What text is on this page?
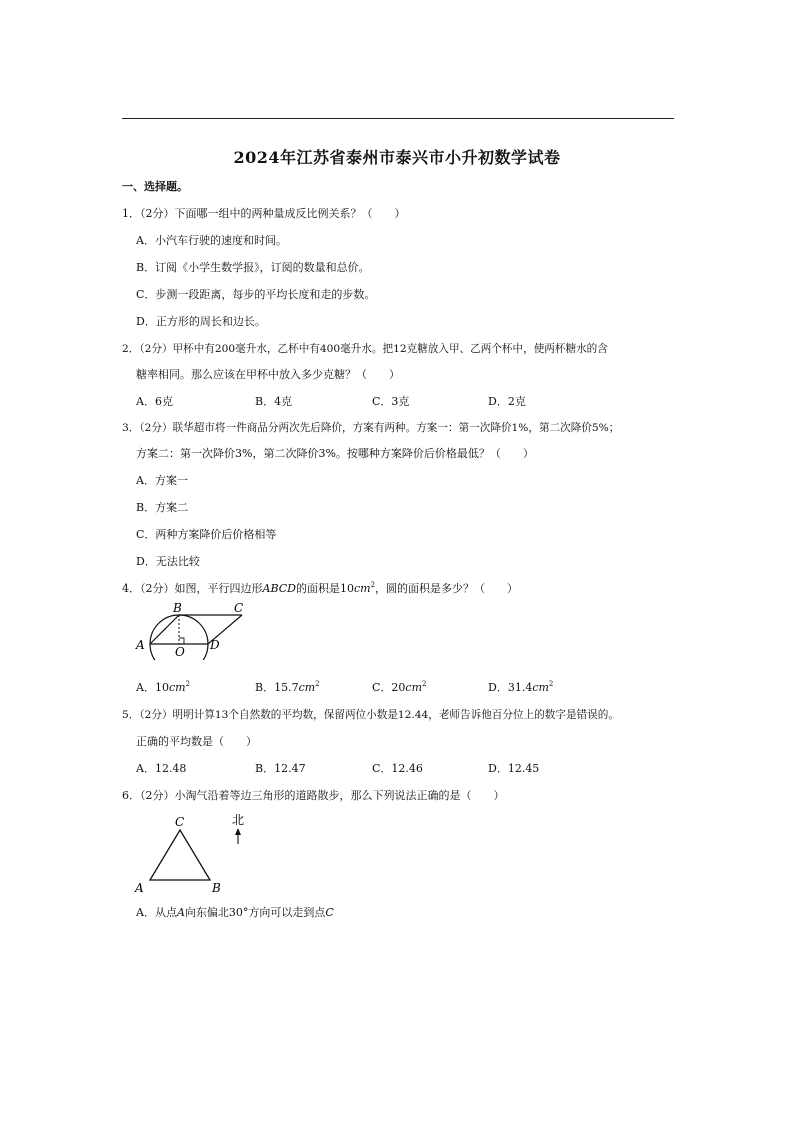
2024年江苏省泰州市泰兴市小升初数学试卷
一、选择题。
1．（2分）下面哪一组中的两种量成反比例关系？（　　）
A．小汽车行驶的速度和时间。
B．订阅《小学生数学报》，订阅的数量和总价。
C．步测一段距离，每步的平均长度和走的步数。
D．正方形的周长和边长。
2．（2分）甲杯中有200毫升水，乙杯中有400毫升水。把12克糖放入甲、乙两个杯中，使两杯糖水的含
糖率相同。那么应该在甲杯中放入多少克糖？（　　）
A．6克	B．4克	C．3克	D．2克
3．（2分）联华超市将一件商品分两次先后降价，方案有两种。方案一：第一次降价1%，第二次降价5%；
方案二：第一次降价3%，第二次降价3%。按哪种方案降价后价格最低？（　　）
A．方案一
B．方案二
C．两种方案降价后价格相等
D．无法比较
4．（2分）如图，平行四边形ABCD的面积是$10cm^2$，圆的面积是多少？（　　）
A
B	C
D
O
A．$10cm^2$	B．$15.7cm^2$	C．$20cm^2$	D．$31.4cm^2$
5．（2分）明明计算13个自然数的平均数，保留两位小数是12.44，老师告诉他百分位上的数字是错误的。
正确的平均数是（　　）
A．12.48	B．12.47	C．12.46	D．12.45
6．（2分）小淘气沿着等边三角形的道路散步，那么下列说法正确的是（　　）
A	B
C	北
A．从点A向东偏北30°方向可以走到点C
